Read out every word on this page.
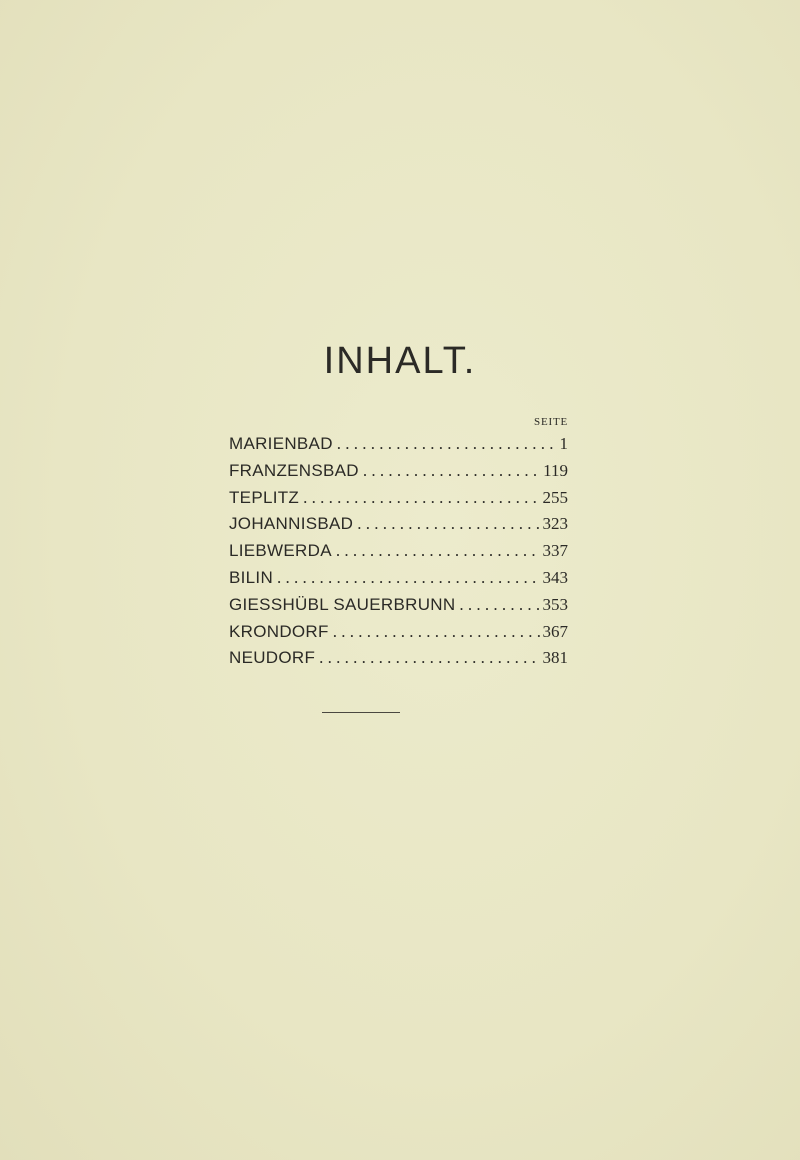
INHALT.
SEITE
MARIENBAD . . .	1
FRANZENSBAD . . .	119
TEPLITZ . . .	255
JOHANNISBAD . . .	323
LIEBWERDA . . .	337
BILIN . . .	343
GIESSHÜBL SAUERBRUNN . . .	353
KRONDORF . . .	367
NEUDORF . . .	381
